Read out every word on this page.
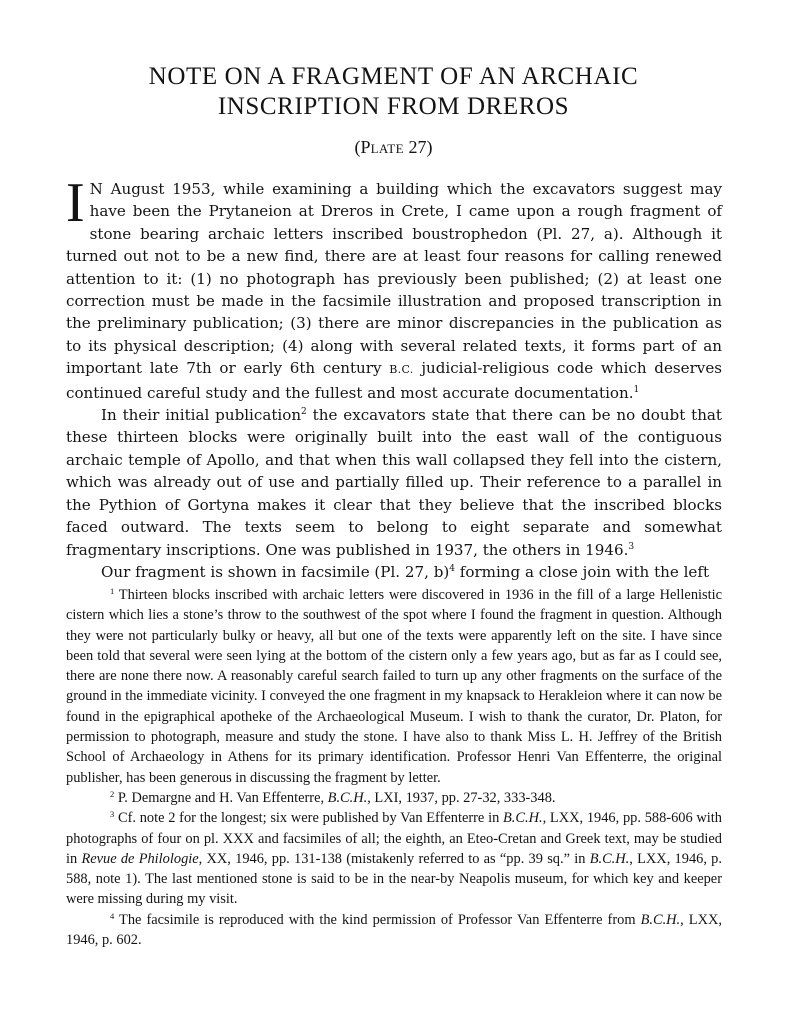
NOTE ON A FRAGMENT OF AN ARCHAIC
INSCRIPTION FROM DREROS
(PLATE 27)

I N August 1953, while examining a building which the excavators suggest may have been the Prytaneion at Dreros in Crete, I came upon a rough fragment of stone bearing archaic letters inscribed boustrophedon (Pl. 27, a). Although it turned out not to be a new find, there are at least four reasons for calling renewed attention to it: (1) no photograph has previously been published; (2) at least one correction must be made in the facsimile illustration and proposed transcription in the preliminary publication; (3) there are minor discrepancies in the publication as to its physical description; (4) along with several related texts, it forms part of an important late 7th or early 6th century B.C. judicial-religious code which deserves continued careful study and the fullest and most accurate documentation.$^1$

In their initial publication$^2$ the excavators state that there can be no doubt that these thirteen blocks were originally built into the east wall of the contiguous archaic temple of Apollo, and that when this wall collapsed they fell into the cistern, which was already out of use and partially filled up. Their reference to a parallel in the Pythion of Gortyna makes it clear that they believe that the inscribed blocks faced outward. The texts seem to belong to eight separate and somewhat fragmentary inscriptions. One was published in 1937, the others in 1946.$^3$

Our fragment is shown in facsimile (Pl. 27, b)$^4$ forming a close join with the left

$^1$ Thirteen blocks inscribed with archaic letters were discovered in 1936 in the fill of a large Hellenistic cistern which lies a stone’s throw to the southwest of the spot where I found the fragment in question. Although they were not particularly bulky or heavy, all but one of the texts were apparently left on the site. I have since been told that several were seen lying at the bottom of the cistern only a few years ago, but as far as I could see, there are none there now. A reasonably careful search failed to turn up any other fragments on the surface of the ground in the immediate vicinity. I conveyed the one fragment in my knapsack to Herakleion where it can now be found in the epigraphical apotheke of the Archaeological Museum. I wish to thank the curator, Dr. Platon, for permission to photograph, measure and study the stone. I have also to thank Miss L. H. Jeffrey of the British School of Archaeology in Athens for its primary identification. Professor Henri Van Effenterre, the original publisher, has been generous in discussing the fragment by letter.

$^2$ P. Demargne and H. Van Effenterre, B.C.H., LXI, 1937, pp. 27-32, 333-348.

$^3$ Cf. note 2 for the longest; six were published by Van Effenterre in B.C.H., LXX, 1946, pp. 588-606 with photographs of four on pl. XXX and facsimiles of all; the eighth, an Eteo-Cretan and Greek text, may be studied in Revue de Philologie, XX, 1946, pp. 131-138 (mistakenly referred to as “pp. 39 sq.” in B.C.H., LXX, 1946, p. 588, note 1). The last mentioned stone is said to be in the near-by Neapolis museum, for which key and keeper were missing during my visit.

$^4$ The facsimile is reproduced with the kind permission of Professor Van Effenterre from B.C.H., LXX, 1946, p. 602.
